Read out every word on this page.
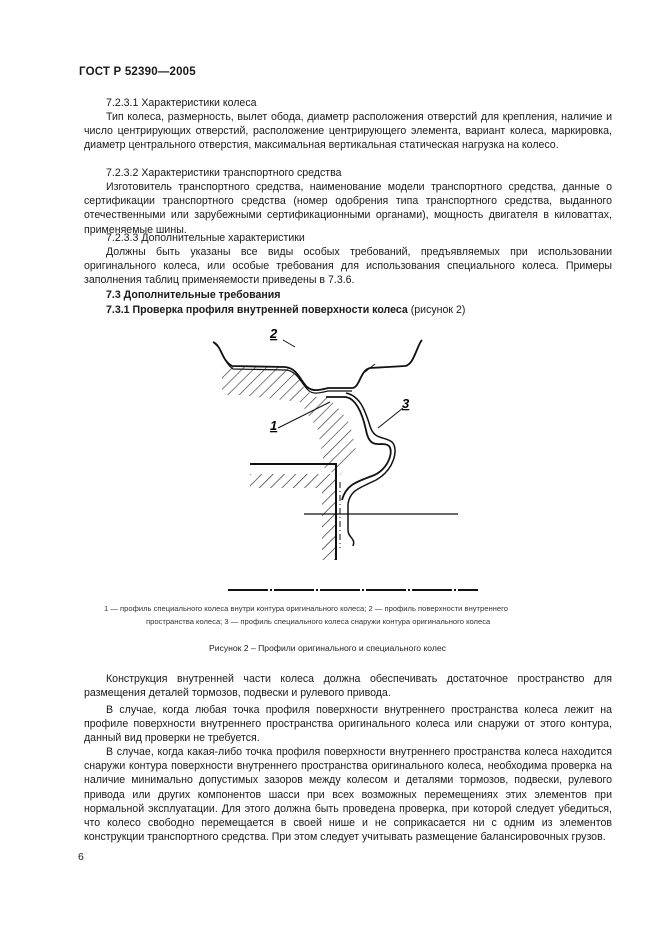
ГОСТ Р 52390—2005
7.2.3.1 Характеристики колеса
Тип колеса, размерность, вылет обода, диаметр расположения отверстий для крепления, наличие и число центрирующих отверстий, расположение центрирующего элемента, вариант колеса, маркировка, диаметр центрального отверстия, максимальная вертикальная статическая нагрузка на колесо.
7.2.3.2 Характеристики транспортного средства
Изготовитель транспортного средства, наименование модели транспортного средства, данные о сертификации транспортного средства (номер одобрения типа транспортного средства, выданного отечественными или зарубежными сертификационными органами), мощность двигателя в киловаттах, применяемые шины.
7.2.3.3 Дополнительные характеристики
Должны быть указаны все виды особых требований, предъявляемых при использовании оригинального колеса, или особые требования для использования специального колеса. Примеры заполнения таблиц применяемости приведены в 7.3.6.
7.3 Дополнительные требования
7.3.1 Проверка профиля внутренней поверхности колеса (рисунок 2)
2
1
3
1 — профиль специального колеса внутри контура оригинального колеса; 2 — профиль поверхности внутреннего
пространства колеса; 3 — профиль специального колеса снаружи контура оригинального колеса
Рисунок 2 – Профили оригинального и специального колес
Конструкция внутренней части колеса должна обеспечивать достаточное пространство для размещения деталей тормозов, подвески и рулевого привода.
В случае, когда любая точка профиля поверхности внутреннего пространства колеса лежит на профиле поверхности внутреннего пространства оригинального колеса или снаружи от этого контура, данный вид проверки не требуется.
В случае, когда какая-либо точка профиля поверхности внутреннего пространства колеса находится снаружи контура поверхности внутреннего пространства оригинального колеса, необходима проверка на наличие минимально допустимых зазоров между колесом и деталями тормозов, подвески, рулевого привода или других компонентов шасси при всех возможных перемещениях этих элементов при нормальной эксплуатации. Для этого должна быть проведена проверка, при которой следует убедиться, что колесо свободно перемещается в своей нише и не соприкасается ни с одним из элементов конструкции транспортного средства. При этом следует учитывать размещение балансировочных грузов.
6
